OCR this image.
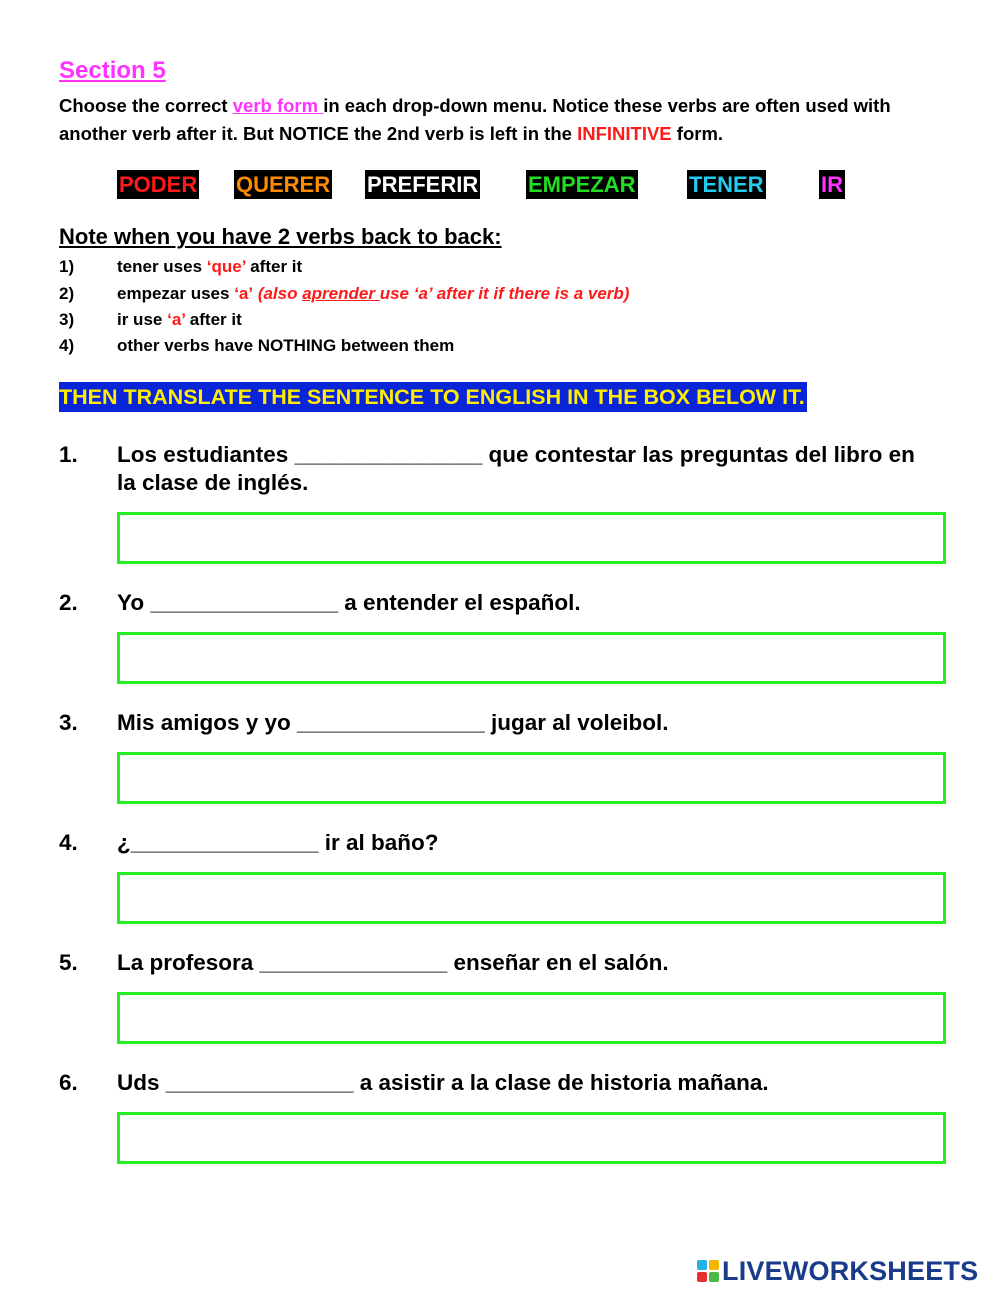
Section 5
Choose the correct verb form in each drop-down menu. Notice these verbs are often used with another verb after it. But NOTICE the 2nd verb is left in the INFINITIVE form.
PODER QUERER PREFERIR EMPEZAR TENER	IR
Note when you have 2 verbs back to back:
1)	tener uses ‘que’ after it
2)	empezar uses ‘a’ (also aprender use ‘a’ after it if there is a verb)
3)	ir use ‘a’ after it
4)	other verbs have NOTHING between them
THEN TRANSLATE THE SENTENCE TO ENGLISH IN THE BOX BELOW IT.
1. Los estudiantes _______________ que contestar las preguntas del libro en la clase de inglés.
2. Yo _______________ a entender el español.
3. Mis amigos y yo _______________ jugar al voleibol.
4. ¿_______________ ir al baño?
5. La profesora _______________ enseñar en el salón.
6. Uds _______________ a asistir a la clase de historia mañana.
LIVEWORKSHEETS
